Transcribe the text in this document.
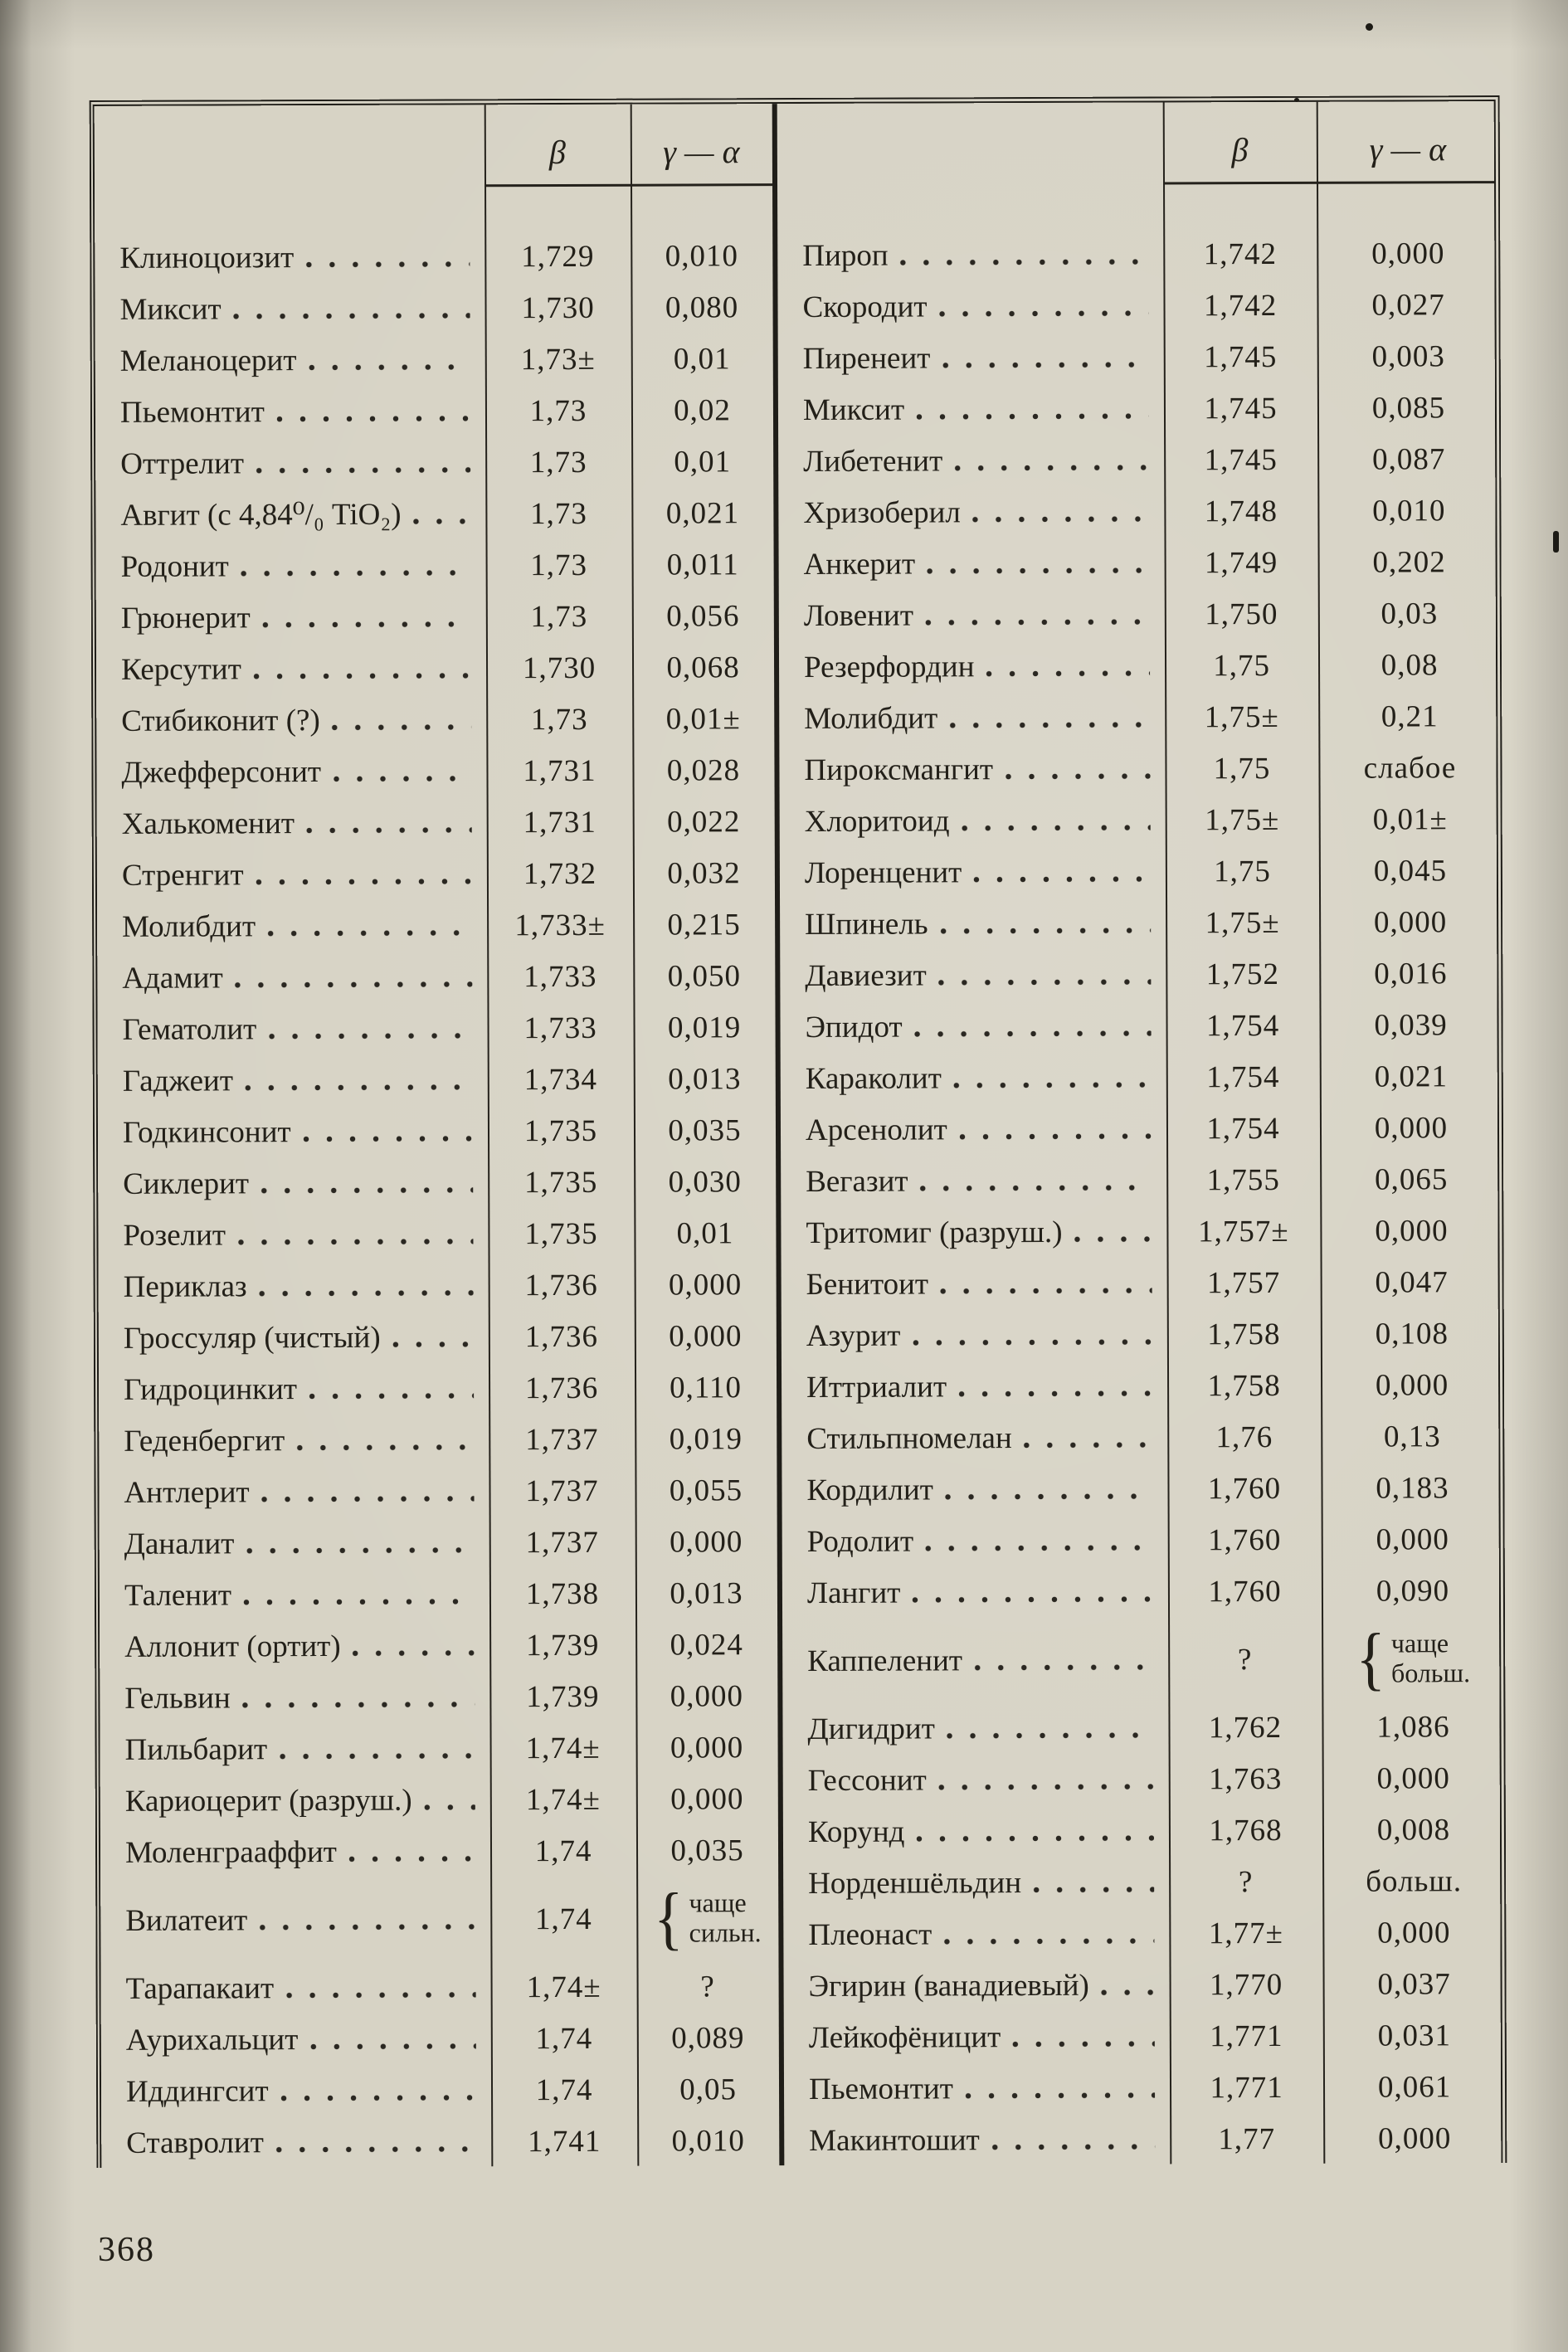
β	γ — α
Клиноцоизит	1,729	0,010
Миксит	1,730	0,080
Меланоцерит	1,73±	0,01
Пьемонтит	1,73	0,02
Оттрелит	1,73	0,01
Авгит (с 4,84⁰/₀ TiO₂)	1,73	0,021
Родонит	1,73	0,011
Грюнерит	1,73	0,056
Керсутит	1,730	0,068
Стибиконит (?)	1,73	0,01±
Джефферсонит	1,731	0,028
Халькоменит	1,731	0,022
Стренгит	1,732	0,032
Молибдит	1,733±	0,215
Адамит	1,733	0,050
Гематолит	1,733	0,019
Гаджеит	1,734	0,013
Годкинсонит	1,735	0,035
Сиклерит	1,735	0,030
Розелит	1,735	0,01
Периклаз	1,736	0,000
Гроссуляр (чистый)	1,736	0,000
Гидроцинкит	1,736	0,110
Геденбергит	1,737	0,019
Антлерит	1,737	0,055
Даналит	1,737	0,000
Таленит	1,738	0,013
Аллонит (ортит)	1,739	0,024
Гельвин	1,739	0,000
Пильбарит	1,74±	0,000
Кариоцерит (разруш.)	1,74±	0,000
Моленграаффит	1,74	0,035
Вилатеит	1,74	{ чаще
сильн.
Тарапакаит	1,74±	?
Аурихальцит	1,74	0,089
Иддингсит	1,74	0,05
Ставролит	1,741	0,010
β	γ — α
Пироп	1,742	0,000
Скородит	1,742	0,027
Пиренеит	1,745	0,003
Миксит	1,745	0,085
Либетенит	1,745	0,087
Хризоберил	1,748	0,010
Анкерит	1,749	0,202
Ловенит	1,750	0,03
Резерфордин	1,75	0,08
Молибдит	1,75±	0,21
Пироксмангит	1,75	слабое
Хлоритоид	1,75±	0,01±
Лоренценит	1,75	0,045
Шпинель	1,75±	0,000
Давиезит	1,752	0,016
Эпидот	1,754	0,039
Караколит	1,754	0,021
Арсенолит	1,754	0,000
Вегазит	1,755	0,065
Тритомиг (разруш.)	1,757±	0,000
Бенитоит	1,757	0,047
Азурит	1,758	0,108
Иттриалит	1,758	0,000
Стильпномелан	1,76	0,13
Кордилит	1,760	0,183
Родолит	1,760	0,000
Лангит	1,760	0,090
Каппеленит	?	{ чаще
больш.
Дигидрит	1,762	1,086
Гессонит	1,763	0,000
Корунд	1,768	0,008
Норденшёльдин	?	больш.
Плеонаст	1,77±	0,000
Эгирин (ванадиевый)	1,770	0,037
Лейкофёницит	1,771	0,031
Пьемонтит	1,771	0,061
Макинтошит	1,77	0,000
368
